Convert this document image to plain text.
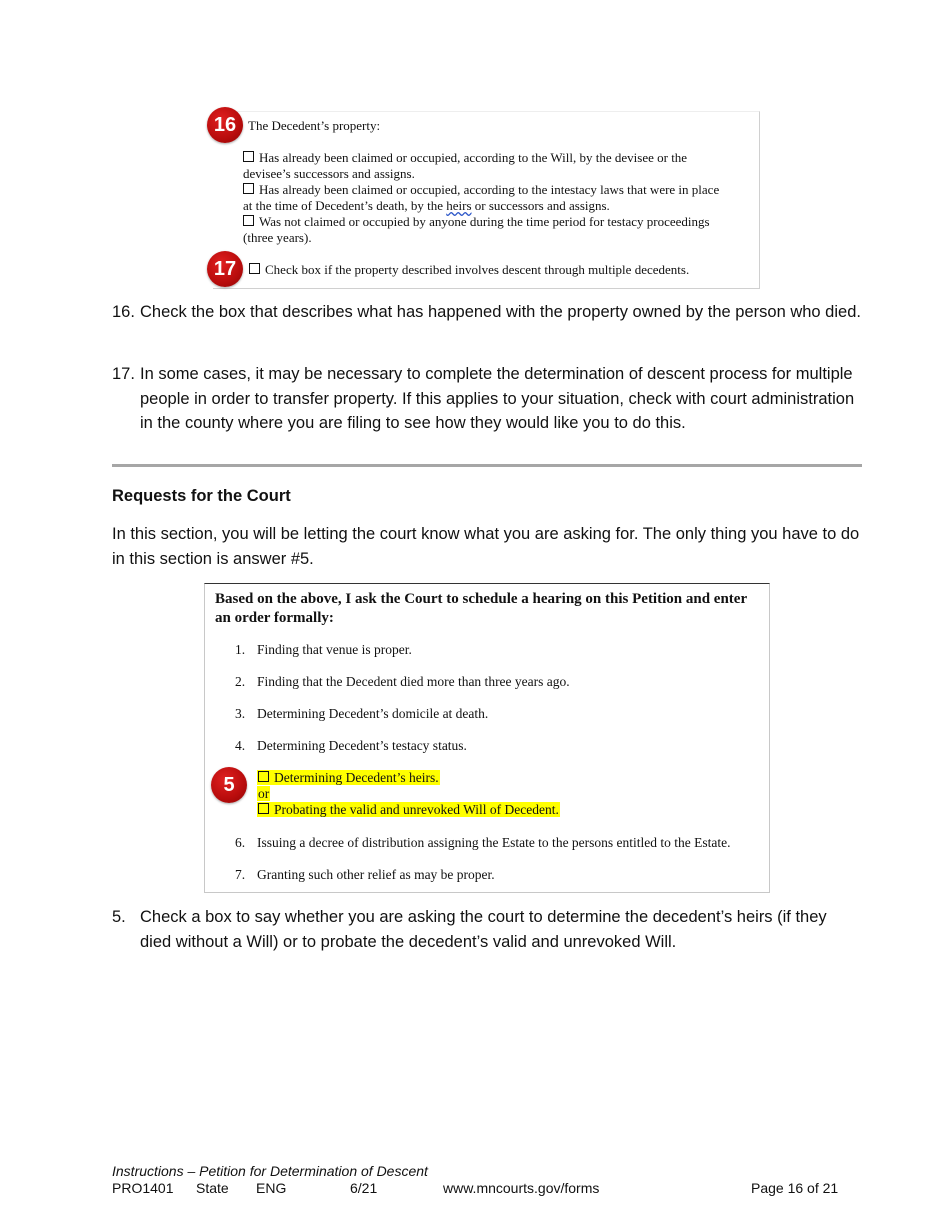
16 The Decedent’s property:
Has already been claimed or occupied, according to the Will, by the devisee or the
devisee’s successors and assigns.
Has already been claimed or occupied, according to the intestacy laws that were in place
at the time of Decedent’s death, by the heirs or successors and assigns.
Was not claimed or occupied by anyone during the time period for testacy proceedings
(three years).
17	Check box if the property described involves descent through multiple decedents.
16. Check the box that describes what has happened with the property owned by the person who died.
17. In some cases, it may be necessary to complete the determination of descent process for multiple people in order to transfer property. If this applies to your situation, check with court administration in the county where you are filing to see how they would like you to do this.
Requests for the Court
In this section, you will be letting the court know what you are asking for. The only thing you have to do in this section is answer #5.
Based on the above, I ask the Court to schedule a hearing on this Petition and enter an order formally:
1. Finding that venue is proper.
2. Finding that the Decedent died more than three years ago.
3. Determining Decedent’s domicile at death.
4. Determining Decedent’s testacy status.
Determining Decedent’s heirs.
or
Probating the valid and unrevoked Will of Decedent.
6. Issuing a decree of distribution assigning the Estate to the persons entitled to the Estate.
7. Granting such other relief as may be proper.
5
5. Check a box to say whether you are asking the court to determine the decedent’s heirs (if they died without a Will) or to probate the decedent’s valid and unrevoked Will.
Instructions – Petition for Determination of Descent
PRO1401 State ENG	6/21	www.mncourts.gov/forms	Page 16 of 21
